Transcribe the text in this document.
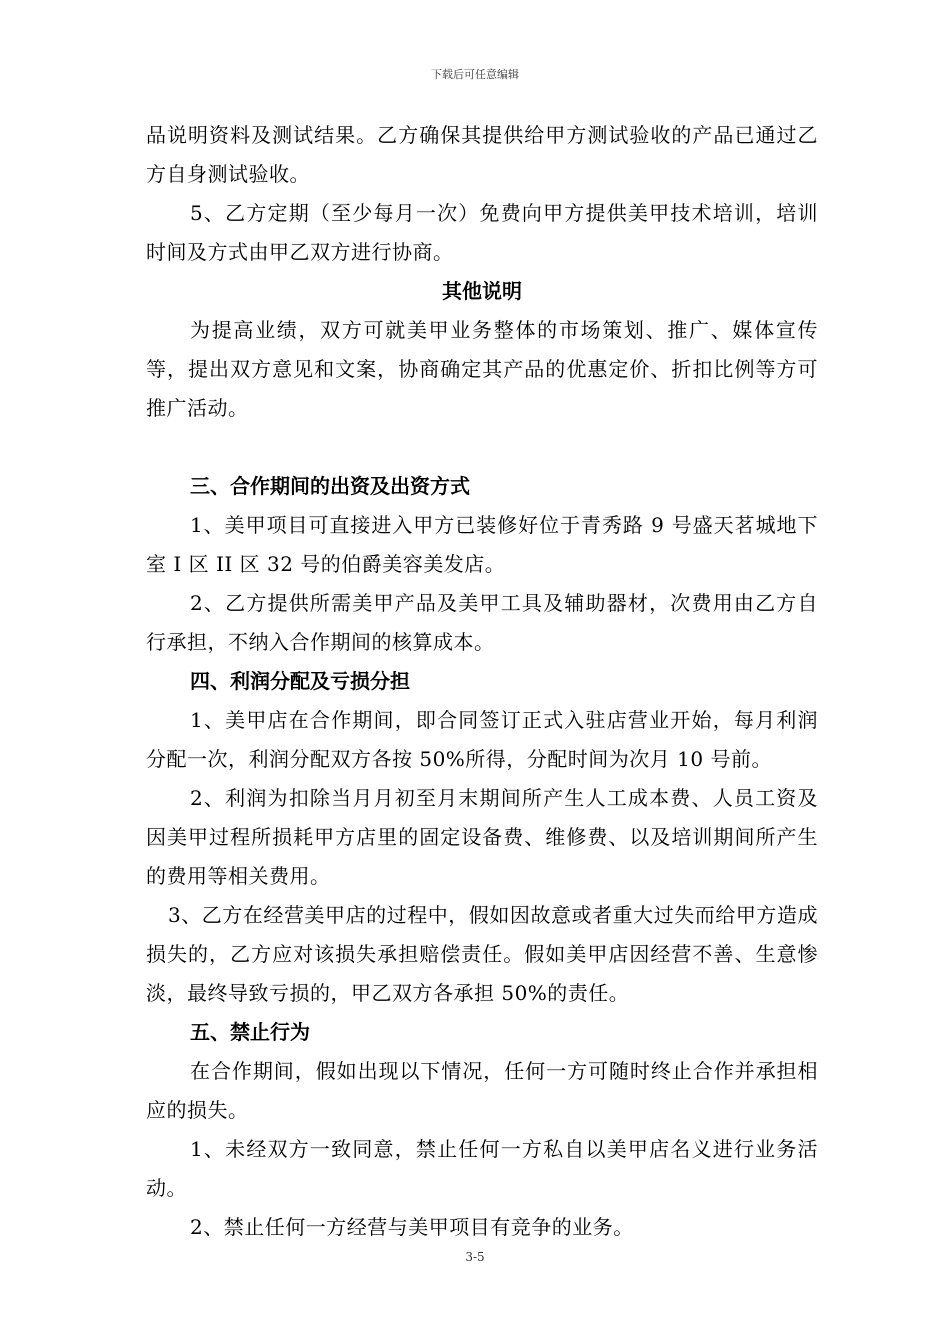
下载后可任意编辑

品说明资料及测试结果。乙方确保其提供给甲方测试验收的产品已通过乙方自身测试验收。

5、乙方定期（至少每月一次）免费向甲方提供美甲技术培训，培训时间及方式由甲乙双方进行协商。

其他说明

为提高业绩，双方可就美甲业务整体的市场策划、推广、媒体宣传等，提出双方意见和文案，协商确定其产品的优惠定价、折扣比例等方可推广活动。

三、合作期间的出资及出资方式

1、美甲项目可直接进入甲方已装修好位于青秀路 9 号盛天茗城地下室 I 区 II 区 32 号的伯爵美容美发店。

2、乙方提供所需美甲产品及美甲工具及辅助器材，次费用由乙方自行承担，不纳入合作期间的核算成本。

四、利润分配及亏损分担

1、美甲店在合作期间，即合同签订正式入驻店营业开始，每月利润分配一次，利润分配双方各按 50%所得，分配时间为次月 10 号前。

2、利润为扣除当月月初至月末期间所产生人工成本费、人员工资及因美甲过程所损耗甲方店里的固定设备费、维修费、以及培训期间所产生的费用等相关费用。

3、乙方在经营美甲店的过程中，假如因故意或者重大过失而给甲方造成损失的，乙方应对该损失承担赔偿责任。假如美甲店因经营不善、生意惨淡，最终导致亏损的，甲乙双方各承担 50%的责任。

五、禁止行为

在合作期间，假如出现以下情况，任何一方可随时终止合作并承担相应的损失。

1、未经双方一致同意，禁止任何一方私自以美甲店名义进行业务活动。

2、禁止任何一方经营与美甲项目有竞争的业务。

3-5
